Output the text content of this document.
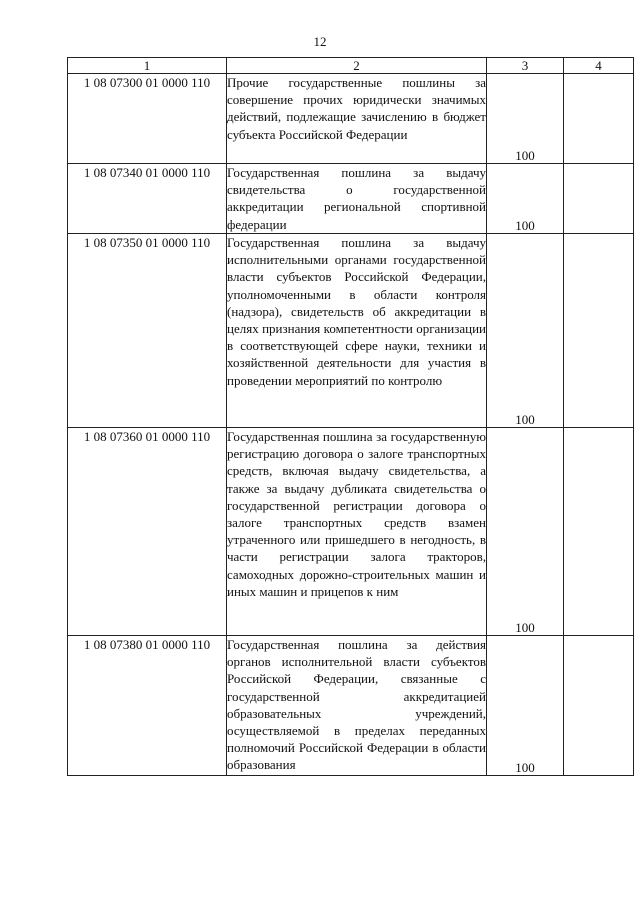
12
1	2	3	4
1 08 07300 01 0000 110	Прочие государственные пошлины за совершение прочих юридически значимых действий, подлежащие зачислению в бюджет субъекта Российской Федерации	100	
1 08 07340 01 0000 110	Государственная пошлина за выдачу свидетельства о государственной аккредитации региональной спортивной федерации	100	
1 08 07350 01 0000 110	Государственная пошлина за выдачу исполнительными органами государственной власти субъектов Российской Федерации, уполномоченными в области контроля (надзора), свидетельств об аккредитации в целях признания компетентности организации в соответствующей сфере науки, техники и хозяйственной деятельности для участия в проведении мероприятий по контролю	100	
1 08 07360 01 0000 110	Государственная пошлина за государственную регистрацию договора о залоге транспортных средств, включая выдачу свидетельства, а также за выдачу дубликата свидетельства о государственной регистрации договора о залоге транспортных средств взамен утраченного или пришедшего в негодность, в части регистрации залога тракторов, самоходных дорожно-строительных машин и иных машин и прицепов к ним	100	
1 08 07380 01 0000 110	Государственная пошлина за действия органов исполнительной власти субъектов Российской Федерации, связанные с государственной аккредитацией образовательных учреждений, осуществляемой в пределах переданных полномочий Российской Федерации в области образования	100	
